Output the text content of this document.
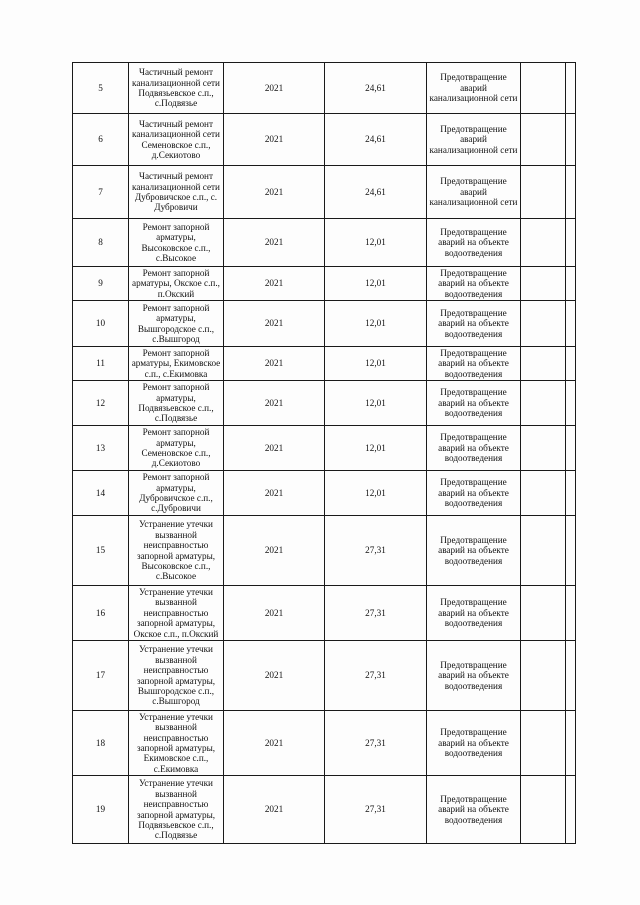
5	Частичный ремонт канализационной сети Подвязьевское с.п., с.Подвязье	2021	24,61	Предотвращение аварий канализационной сети		
6	Частичный ремонт канализационной сети Семеновское с.п., д.Секиотово	2021	24,61	Предотвращение аварий канализационной сети		
7	Частичный ремонт канализационной сети Дубровичское с.п., с. Дубровичи	2021	24,61	Предотвращение аварий канализационной сети		
8	Ремонт запорной арматуры, Высоковское с.п., с.Высокое	2021	12,01	Предотвращение аварий на объекте водоотведения		
9	Ремонт запорной арматуры, Окское с.п., п.Окский	2021	12,01	Предотвращение аварий на объекте водоотведения		
10	Ремонт запорной арматуры, Вышгородское с.п., с.Вышгород	2021	12,01	Предотвращение аварий на объекте водоотведения		
11	Ремонт запорной арматуры, Екимовское с.п., с.Екимовка	2021	12,01	Предотвращение аварий на объекте водоотведения		
12	Ремонт запорной арматуры, Подвязьевское с.п., с.Подвязье	2021	12,01	Предотвращение аварий на объекте водоотведения		
13	Ремонт запорной арматуры, Семеновское с.п., д.Секиотово	2021	12,01	Предотвращение аварий на объекте водоотведения		
14	Ремонт запорной арматуры, Дубровичское с.п., с.Дубровичи	2021	12,01	Предотвращение аварий на объекте водоотведения		
15	Устранение утечки вызванной неисправностью запорной арматуры, Высоковское с.п., с.Высокое	2021	27,31	Предотвращение аварий на объекте водоотведения		
16	Устранение утечки вызванной неисправностью запорной арматуры, Окское с.п., п.Окский	2021	27,31	Предотвращение аварий на объекте водоотведения		
17	Устранение утечки вызванной неисправностью запорной арматуры, Вышгородское с.п., с.Вышгород	2021	27,31	Предотвращение аварий на объекте водоотведения		
18	Устранение утечки вызванной неисправностью запорной арматуры, Екимовское с.п., с.Екимовка	2021	27,31	Предотвращение аварий на объекте водоотведения		
19	Устранение утечки вызванной неисправностью запорной арматуры, Подвязьевское с.п., с.Подвязье	2021	27,31	Предотвращение аварий на объекте водоотведения		
